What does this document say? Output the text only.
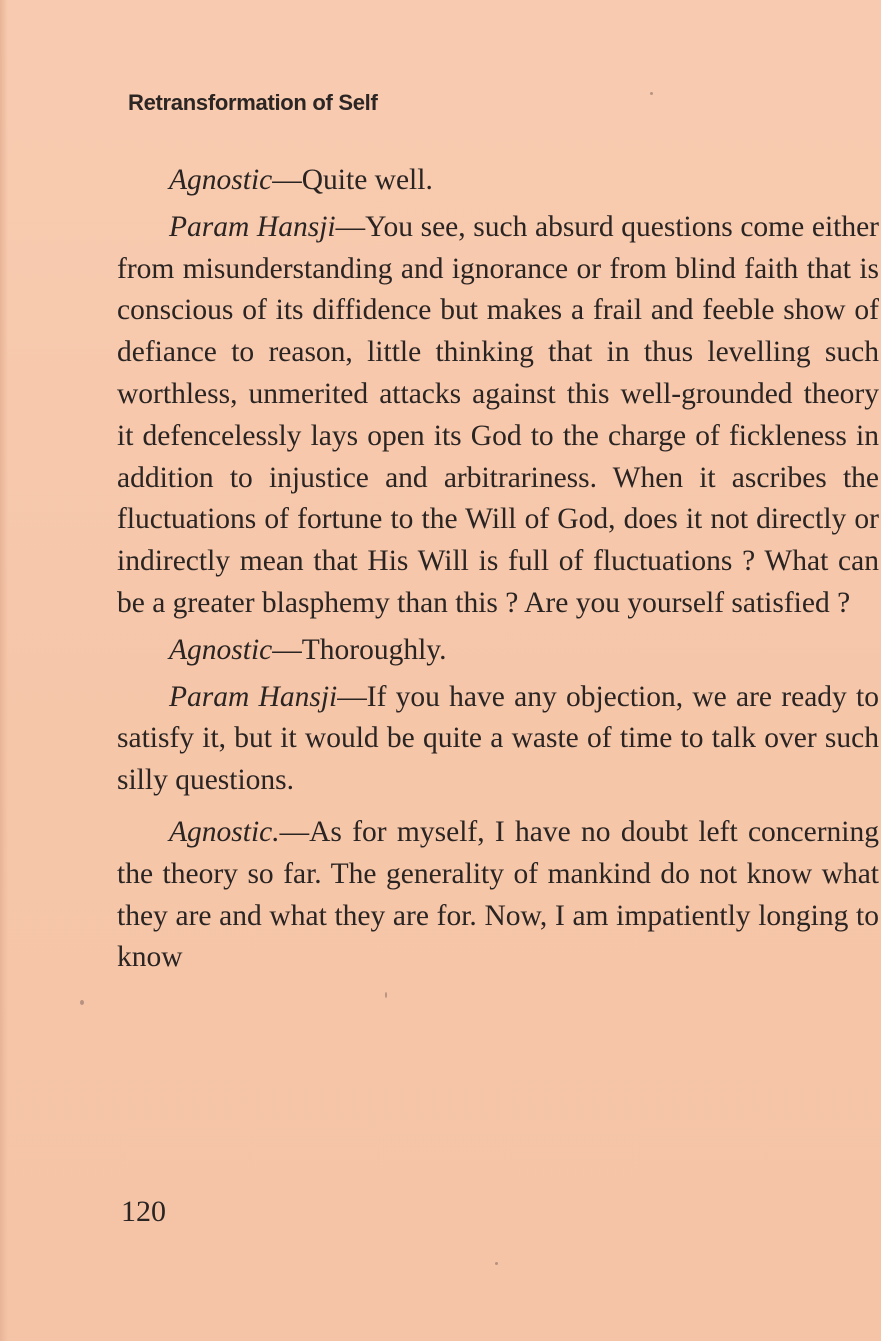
Retransformation of Self

Agnostic—Quite well.

Param Hansji—You see, such absurd questions come either from misunderstanding and ignorance or from blind faith that is conscious of its diffidence but makes a frail and feeble show of defiance to reason, little thinking that in thus levelling such worthless, unmerited attacks against this well-grounded theory it defencelessly lays open its God to the charge of fickleness in addition to injustice and arbitrariness. When it ascribes the fluctuations of fortune to the Will of God, does it not directly or indirectly mean that His Will is full of fluctuations ? What can be a greater blasphemy than this ? Are you yourself satisfied ?

Agnostic—Thoroughly.

Param Hansji—If you have any objection, we are ready to satisfy it, but it would be quite a waste of time to talk over such silly questions.

Agnostic.—As for myself, I have no doubt left concerning the theory so far. The generality of mankind do not know what they are and what they are for. Now, I am impatiently longing to know

120
